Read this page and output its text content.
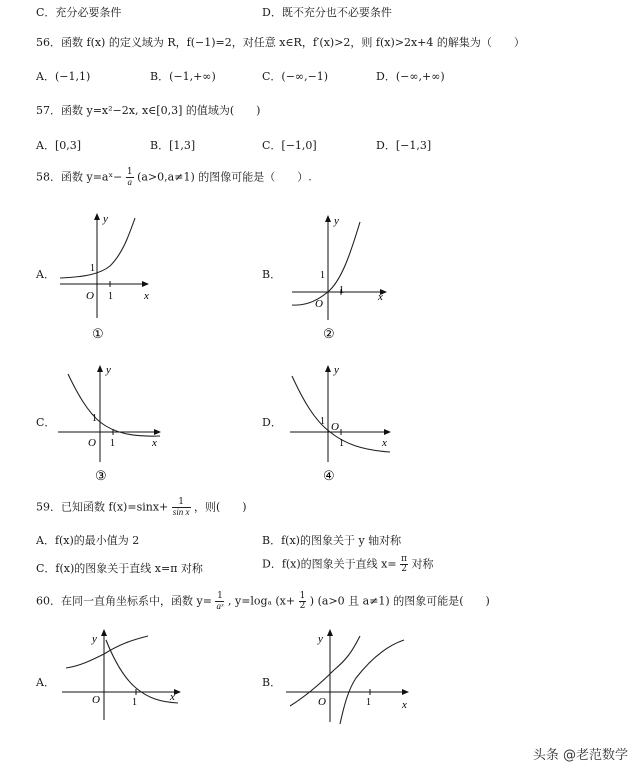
C．充分必要条件	D．既不充分也不必要条件
56．函数 f(x) 的定义域为 R，f(−1)=2，对任意 x∈R，f′(x)>2，则 f(x)>2x+4 的解集为（　　）
A．(−1,1)	B．(−1,+∞)	C．(−∞,−1)	D．(−∞,+∞)
57．函数 y=x²−2x, x∈[0,3] 的值域为(　　)
A．[0,3]	B．[1,3]	C．[−1,0]	D．[−1,3]
58．函数 y=aˣ− $\frac{1}{a} (a>0,a\ne 1)$ 的图像可能是（　　）.
A．	B．
C．	D．
y
x
O
1
1
①
y
x
O
1
1
②
y
x
O
1
1
③
y
x
O
1
1
④
y
x
O	1
y
x
O	1
59．已知函数 $f(x)=\sin x+ \frac{1}{\text{sin x}}$ ，则(　　)
A．f(x)的最小值为 2	B．f(x)的图象关于 y 轴对称
C．f(x)的图象关于直线 x=π 对称	D．f(x)的图象关于直线 $x= \frac{\pi}{2}$ 对称
60．在同一直角坐标系中，函数 $y= \frac{1}{\text{aˣ}}$ , y=logₐ ($x+ \frac{1}{2}$ ) (a>0 且 a≠1) 的图象可能是(　　)
A．	B．
头条 @老范数学
